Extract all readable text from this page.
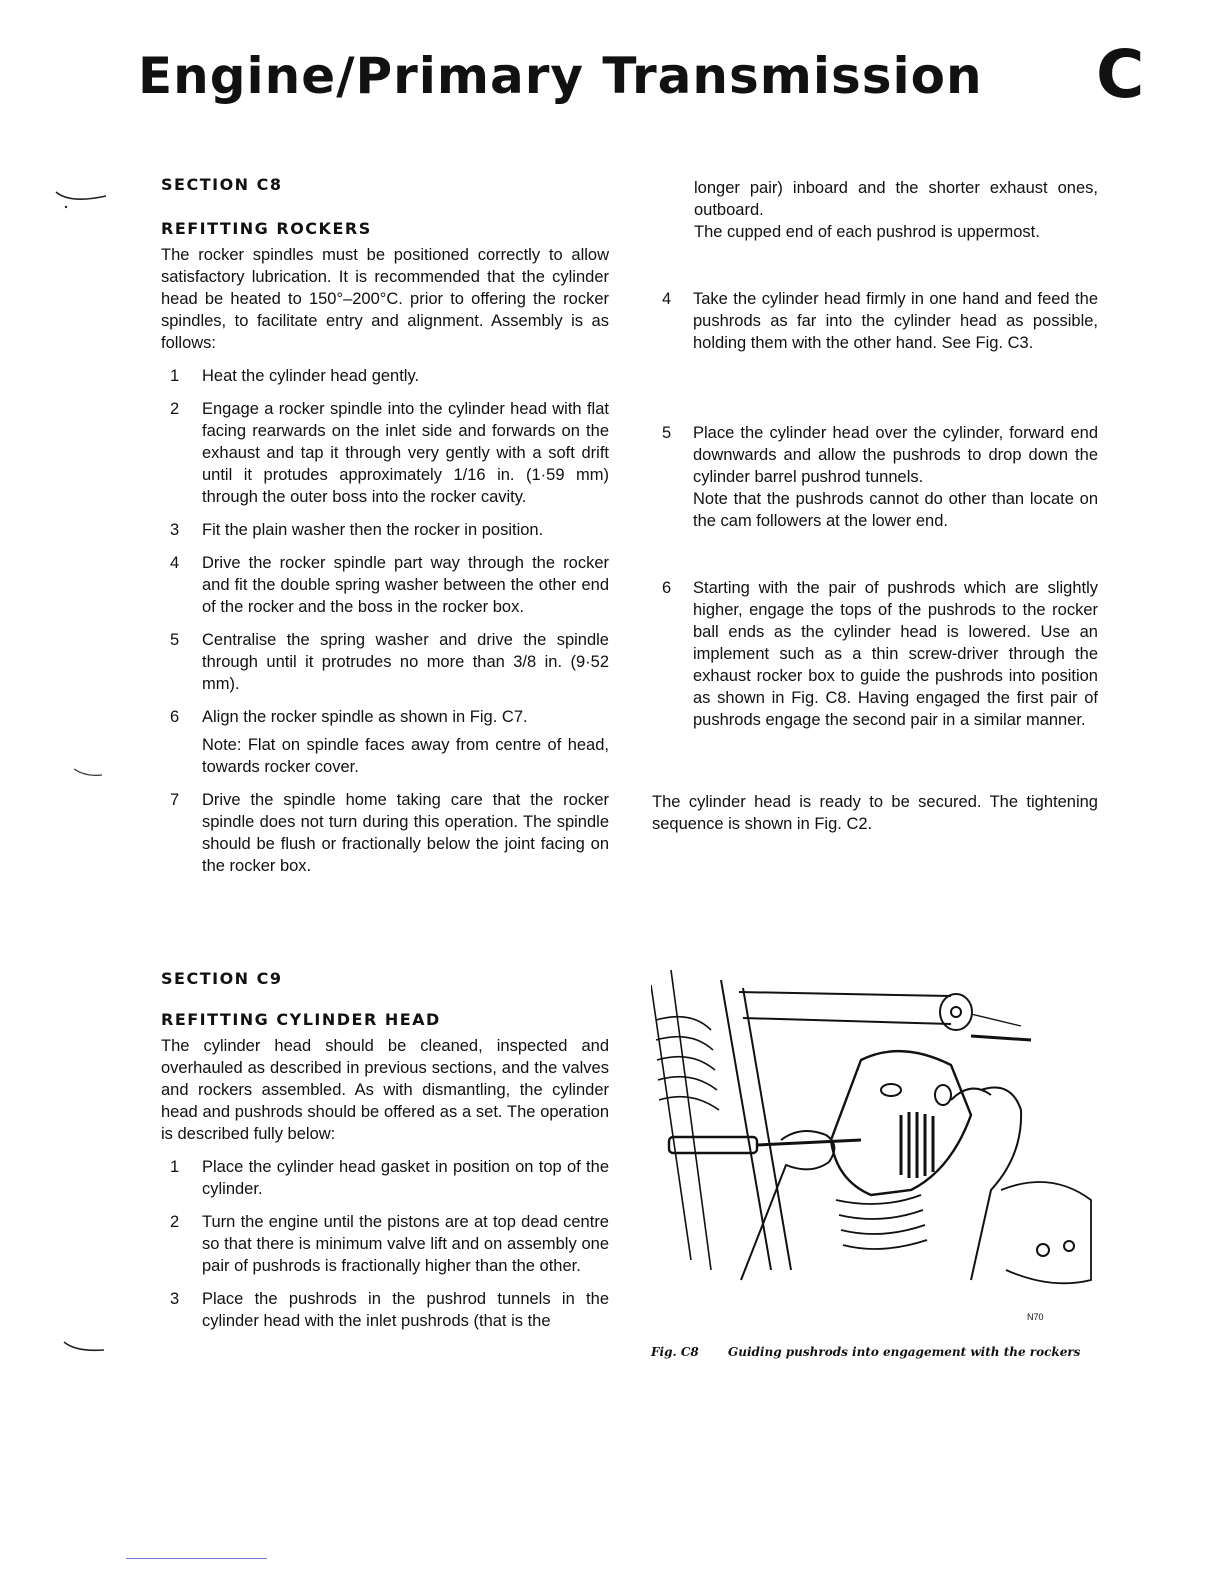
Engine/Primary Transmission C
SECTION C8
REFITTING ROCKERS

The rocker spindles must be positioned correctly to allow satisfactory lubrication. It is recommended that the cylinder head be heated to 150°–200°C. prior to offering the rocker spindles, to facilitate entry and alignment. Assembly is as follows:

1 Heat the cylinder head gently.
2 Engage a rocker spindle into the cylinder head with flat facing rearwards on the inlet side and forwards on the exhaust and tap it through very gently with a soft drift until it protudes approximately 1/16 in. (1·59 mm) through the outer boss into the rocker cavity.
3 Fit the plain washer then the rocker in position.
4 Drive the rocker spindle part way through the rocker and fit the double spring washer between the other end of the rocker and the boss in the rocker box.
5 Centralise the spring washer and drive the spindle through until it protrudes no more than 3/8 in. (9·52 mm).
6 Align the rocker spindle as shown in Fig. C7.
Note: Flat on spindle faces away from centre of head, towards rocker cover.
7 Drive the spindle home taking care that the rocker spindle does not turn during this operation. The spindle should be flush or fractionally below the joint facing on the rocker box.
SECTION C9
REFITTING CYLINDER HEAD

The cylinder head should be cleaned, inspected and overhauled as described in previous sections, and the valves and rockers assembled. As with dismantling, the cylinder head and pushrods should be offered as a set. The operation is described fully below:

1 Place the cylinder head gasket in position on top of the cylinder.
2 Turn the engine until the pistons are at top dead centre so that there is minimum valve lift and on assembly one pair of pushrods is fractionally higher than the other.
3 Place the pushrods in the pushrod tunnels in the cylinder head with the inlet pushrods (that is the
longer pair) inboard and the shorter exhaust ones, outboard.
The cupped end of each pushrod is uppermost.
4 Take the cylinder head firmly in one hand and feed the pushrods as far into the cylinder head as possible, holding them with the other hand. See Fig. C3.
5 Place the cylinder head over the cylinder, forward end downwards and allow the pushrods to drop down the cylinder barrel pushrod tunnels.
Note that the pushrods cannot do other than locate on the cam followers at the lower end.
6 Starting with the pair of pushrods which are slightly higher, engage the tops of the pushrods to the rocker ball ends as the cylinder head is lowered. Use an implement such as a thin screw-driver through the exhaust rocker box to guide the pushrods into position as shown in Fig. C8. Having engaged the first pair of pushrods engage the second pair in a similar manner.

The cylinder head is ready to be secured. The tightening sequence is shown in Fig. C2.

N70
Fig. C8 Guiding pushrods into engagement with the rockers
